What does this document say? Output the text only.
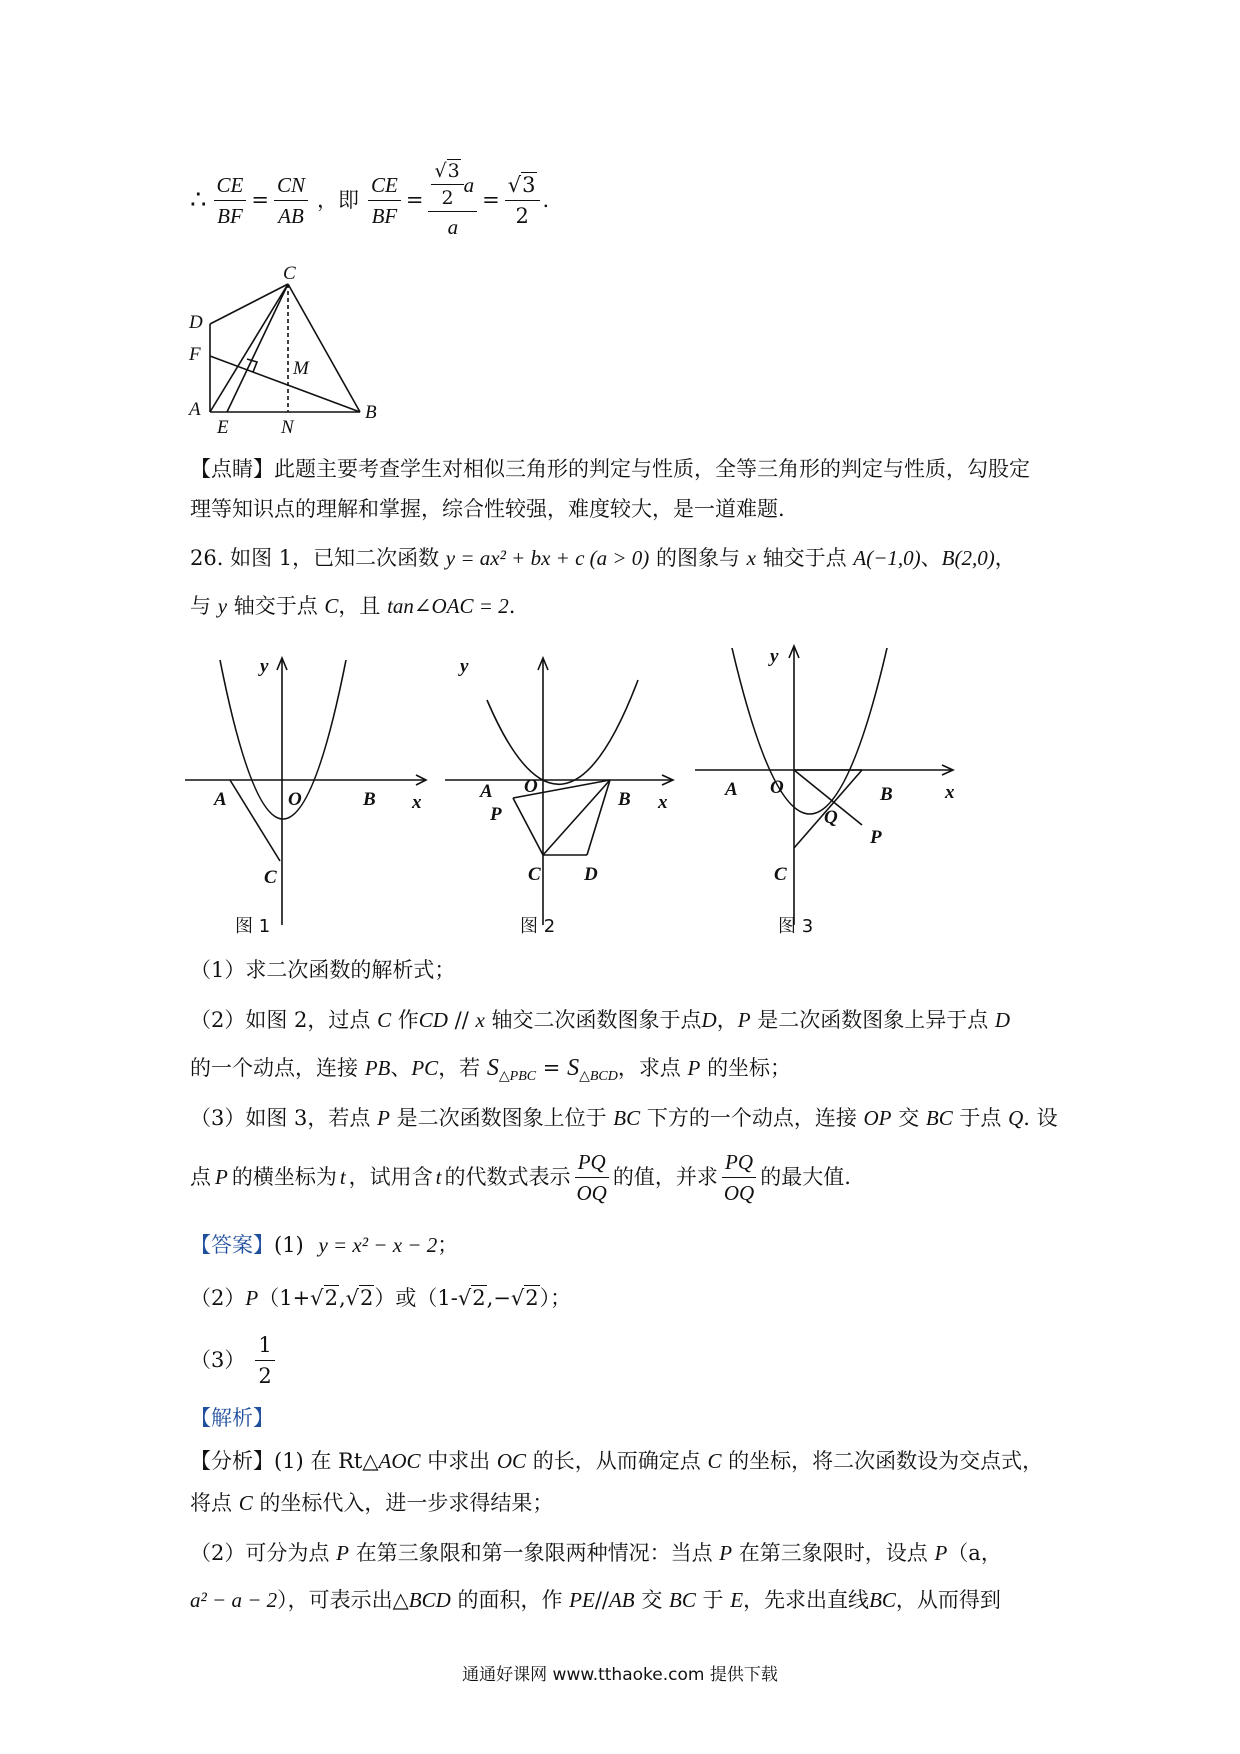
∴ $\frac{CE}{BF} = \frac{CN}{AB}$ ，即 $\frac{CE}{BF} = \frac{\frac{√3}{2} a}{a} = \frac{√3}{2}$ .
C
D
F
M
A
E	N
B
【点睛】此题主要考查学生对相似三角形的判定与性质，全等三角形的判定与性质，勾股定
理等知识点的理解和掌握，综合性较强，难度较大，是一道难题.
26. 如图 1，已知二次函数 y = ax² + bx + c (a > 0) 的图象与 x 轴交于点 A(−1,0)、B(2,0)，
与 y 轴交于点 C，且 tan∠OAC = 2.
y
x
A	O	B
C
图 1
y
x
A O
B
P
C D
图 2
y
x
A O	B
Q
P
C
图 3
（1）求二次函数的解析式；
（2）如图 2，过点 C 作CD // x 轴交二次函数图象于点D，P 是二次函数图象上异于点 D
的一个动点，连接 PB、PC，若 $S_{\triangle PBC} = S_{\triangle BCD}$，求点 P 的坐标；
（3）如图 3，若点 P 是二次函数图象上位于 BC 下方的一个动点，连接 OP 交 BC 于点 Q. 设
点 P 的横坐标为 t ，试用含 t 的代数式表示 $\frac{PQ}{OQ}$ 的值，并求 $\frac{PQ}{OQ}$ 的最大值.
【答案】(1) y = x² − x − 2；
（2）P（1+√2,√2）或（1-√2,−√2）；
$(3) \frac{1}{2}$
【解析】
【分析】(1) 在 Rt△AOC 中求出 OC 的长，从而确定点 C 的坐标，将二次函数设为交点式，
将点 C 的坐标代入，进一步求得结果；
（2）可分为点 P 在第三象限和第一象限两种情况：当点 P 在第三象限时，设点 P（a，
a² − a − 2），可表示出△BCD 的面积，作 PE//AB 交 BC 于 E，先求出直线BC，从而得到
通通好课网 www.tthaoke.com 提供下载
